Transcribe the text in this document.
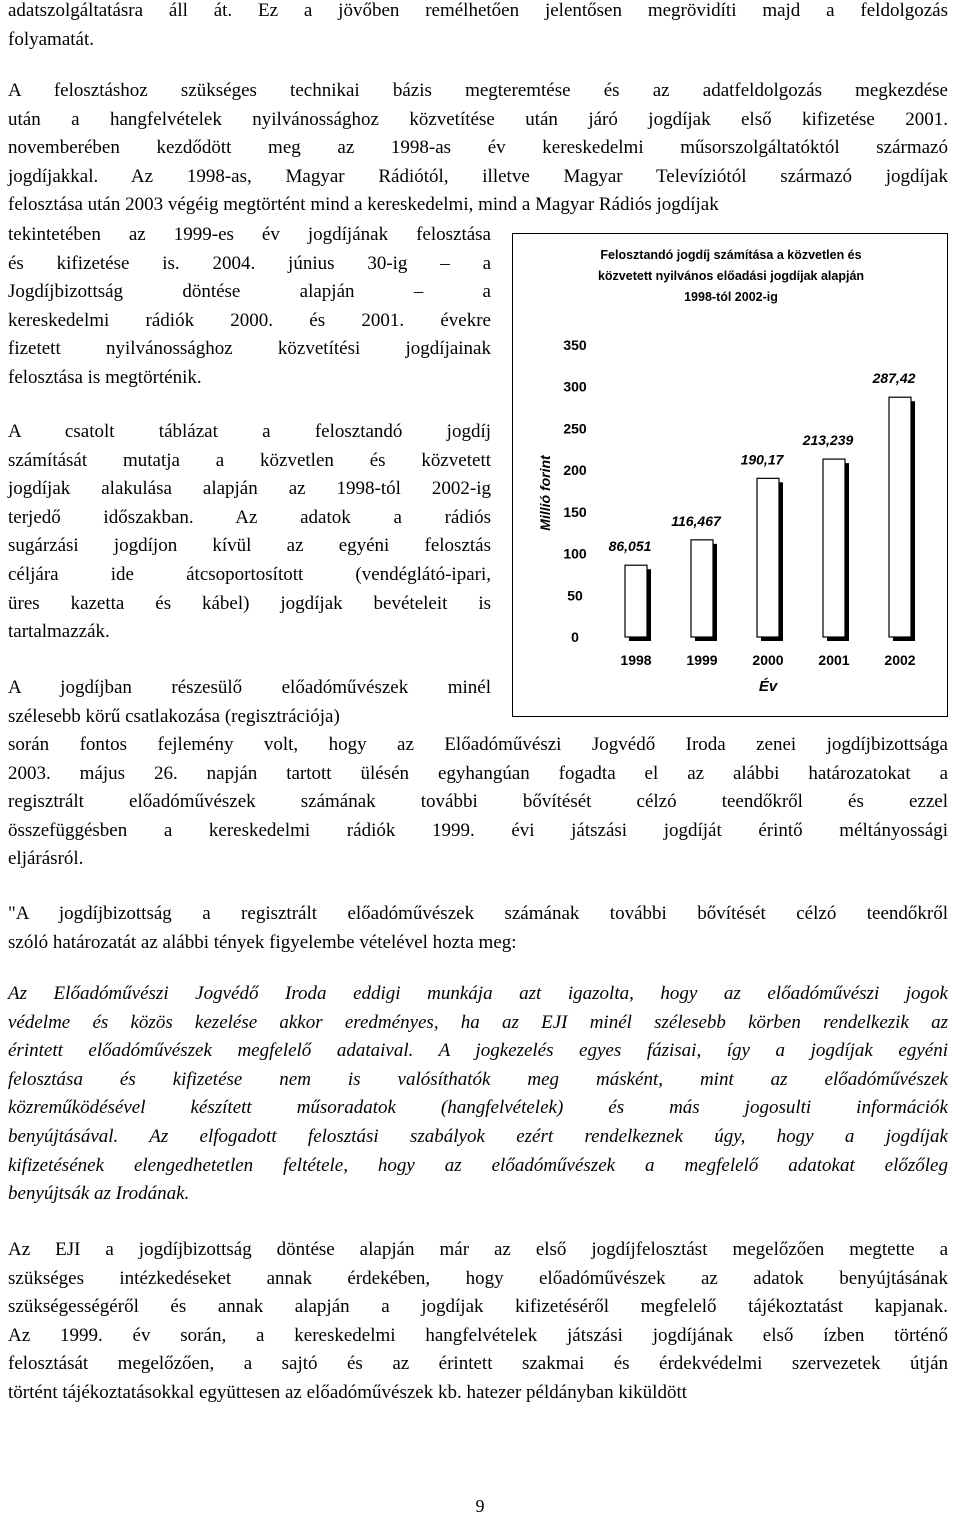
adatszolgáltatásra áll át. Ez a jövőben remélhetően jelentősen megrövidíti majd a feldolgozás
folyamatát.
A felosztáshoz szükséges technikai bázis megteremtése és az adatfeldolgozás megkezdése
után a hangfelvételek nyilvánossághoz közvetítése után járó jogdíjak első kifizetése 2001.
novemberében kezdődött meg az 1998-as év kereskedelmi műsorszolgáltatóktól származó
jogdíjakkal. Az 1998-as, Magyar Rádiótól, illetve Magyar Televíziótól származó jogdíjak
felosztása után 2003 végéig megtörtént mind a kereskedelmi, mind a Magyar Rádiós jogdíjak
tekintetében az 1999-es év jogdíjának felosztása
és kifizetése is. 2004. június 30-ig – a
Jogdíjbizottság döntése alapján – a
kereskedelmi rádiók 2000. és 2001. évekre
fizetett nyilvánossághoz közvetítési jogdíjainak
felosztása is megtörténik.
A csatolt táblázat a felosztandó jogdíj
számítását mutatja a közvetlen és közvetett
jogdíjak alakulása alapján az 1998-tól 2002-ig
terjedő időszakban. Az adatok a rádiós
sugárzási jogdíjon kívül az egyéni felosztás
céljára ide átcsoportosított (vendéglátó-ipari,
üres kazetta és kábel) jogdíjak bevételeit is
tartalmazzák.
A jogdíjban részesülő előadóművészek minél
szélesebb körű csatlakozása (regisztrációja)
során fontos fejlemény volt, hogy az Előadóművészi Jogvédő Iroda zenei jogdíjbizottsága
2003. május 26. napján tartott ülésén egyhangúan fogadta el az alábbi határozatokat a
regisztrált előadóművészek számának további bővítését célzó teendőkről és ezzel
összefüggésben a kereskedelmi rádiók 1999. évi játszási jogdíját érintő méltányossági
eljárásról.
"A jogdíjbizottság a regisztrált előadóművészek számának további bővítését célzó teendőkről
szóló határozatát az alábbi tények figyelembe vételével hozta meg:
Az Előadóművészi Jogvédő Iroda eddigi munkája azt igazolta, hogy az előadóművészi jogok
védelme és közös kezelése akkor eredményes, ha az EJI minél szélesebb körben rendelkezik az
érintett előadóművészek megfelelő adataival. A jogkezelés egyes fázisai, így a jogdíjak egyéni
felosztása és kifizetése nem is valósíthatók meg másként, mint az előadóművészek
közreműködésével készített műsoradatok (hangfelvételek) és más jogosulti információk
benyújtásával. Az elfogadott felosztási szabályok ezért rendelkeznek úgy, hogy a jogdíjak
kifizetésének elengedhetetlen feltétele, hogy az előadóművészek a megfelelő adatokat előzőleg
benyújtsák az Irodának.
Az EJI a jogdíjbizottság döntése alapján már az első jogdíjfelosztást megelőzően megtette a
szükséges intézkedéseket annak érdekében, hogy előadóművészek az adatok benyújtásának
szükségességéről és annak alapján a jogdíjak kifizetéséről megfelelő tájékoztatást kapjanak.
Az 1999. év során, a kereskedelmi hangfelvételek játszási jogdíjának első ízben történő
felosztását megelőzően, a sajtó és az érintett szakmai és érdekvédelmi szervezetek útján
történt tájékoztatásokkal együttesen az előadóművészek kb. hatezer példányban kiküldött
Felosztandó jogdíj számítása a közvetlen és
közvetett nyilvános előadási jogdíjak alapján
1998-tól 2002-ig
0
50
100
150
200
250
300
350
Millió forint
86,051
1998
116,467
1999
190,17
2000
213,239
2001
287,42
2002
Év
9
